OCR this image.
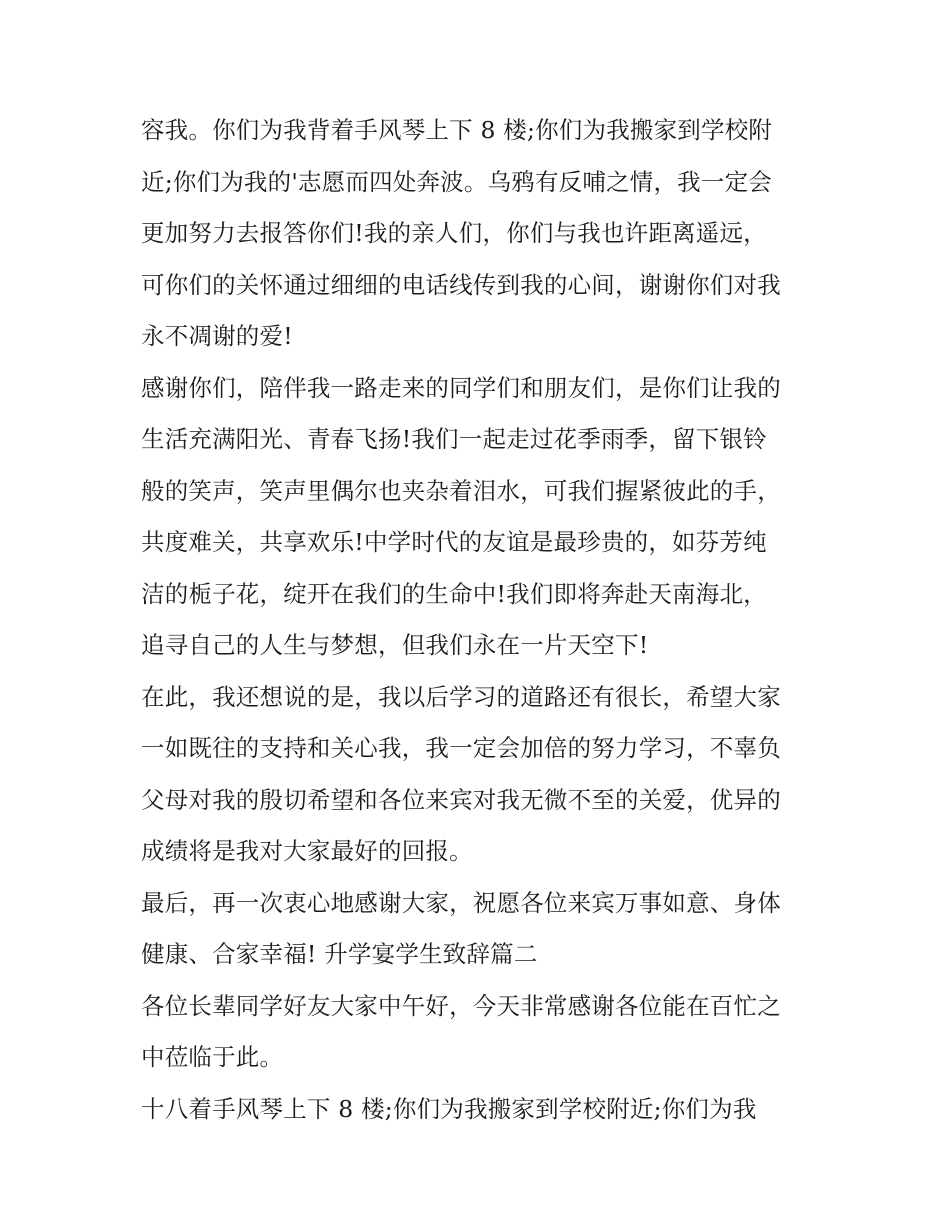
容我。你们为我背着手风琴上下 8 楼;你们为我搬家到学校附
近;你们为我的'志愿而四处奔波。乌鸦有反哺之情，我一定会
更加努力去报答你们!我的亲人们，你们与我也许距离遥远，
可你们的关怀通过细细的电话线传到我的心间，谢谢你们对我
永不凋谢的爱!
感谢你们，陪伴我一路走来的同学们和朋友们，是你们让我的
生活充满阳光、青春飞扬!我们一起走过花季雨季，留下银铃
般的笑声，笑声里偶尔也夹杂着泪水，可我们握紧彼此的手，
共度难关，共享欢乐!中学时代的友谊是最珍贵的，如芬芳纯
洁的栀子花，绽开在我们的生命中!我们即将奔赴天南海北，
追寻自己的人生与梦想，但我们永在一片天空下!
在此，我还想说的是，我以后学习的道路还有很长，希望大家
一如既往的支持和关心我，我一定会加倍的努力学习，不辜负
父母对我的殷切希望和各位来宾对我无微不至的关爱，优异的
成绩将是我对大家最好的回报。
最后，再一次衷心地感谢大家，祝愿各位来宾万事如意、身体
健康、合家幸福! 升学宴学生致辞篇二
各位长辈同学好友大家中午好，今天非常感谢各位能在百忙之
中莅临于此。
十八着手风琴上下 8 楼;你们为我搬家到学校附近;你们为我
